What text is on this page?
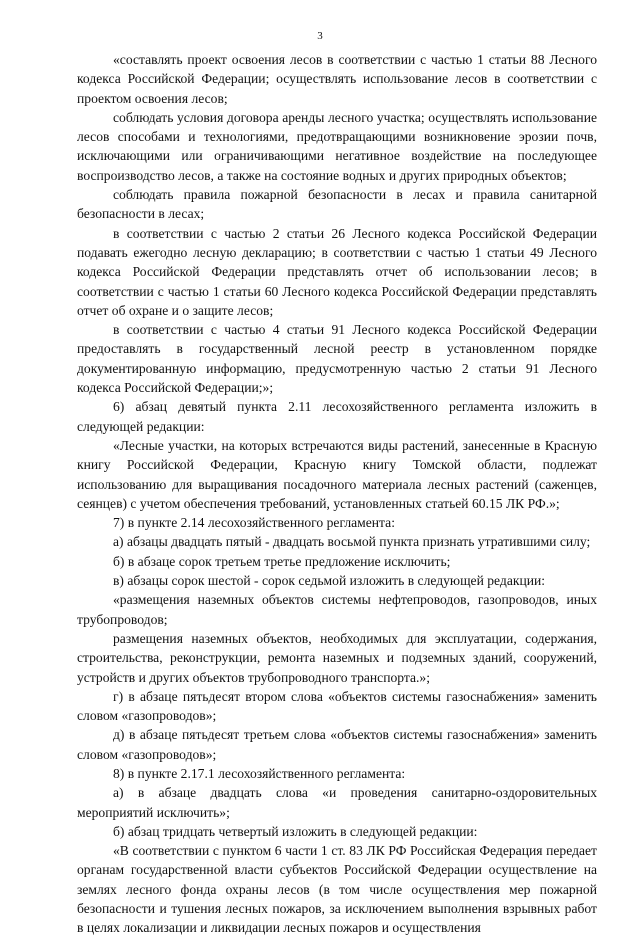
3

«составлять проект освоения лесов в соответствии с частью 1 статьи 88 Лесного кодекса Российской Федерации; осуществлять использование лесов в соответствии с проектом освоения лесов;

соблюдать условия договора аренды лесного участка; осуществлять использование лесов способами и технологиями, предотвращающими возникновение эрозии почв, исключающими или ограничивающими негативное воздействие на последующее воспроизводство лесов, а также на состояние водных и других природных объектов;

соблюдать правила пожарной безопасности в лесах и правила санитарной безопасности в лесах;

в соответствии с частью 2 статьи 26 Лесного кодекса Российской Федерации подавать ежегодно лесную декларацию; в соответствии с частью 1 статьи 49 Лесного кодекса Российской Федерации представлять отчет об использовании лесов; в соответствии с частью 1 статьи 60 Лесного кодекса Российской Федерации представлять отчет об охране и о защите лесов;

в соответствии с частью 4 статьи 91 Лесного кодекса Российской Федерации предоставлять в государственный лесной реестр в установленном порядке документированную информацию, предусмотренную частью 2 статьи 91 Лесного кодекса Российской Федерации;»;

6) абзац девятый пункта 2.11 лесохозяйственного регламента изложить в следующей редакции:

«Лесные участки, на которых встречаются виды растений, занесенные в Красную книгу Российской Федерации, Красную книгу Томской области, подлежат использованию для выращивания посадочного материала лесных растений (саженцев, сеянцев) с учетом обеспечения требований, установленных статьей 60.15 ЛК РФ.»;

7) в пункте 2.14 лесохозяйственного регламента:

а) абзацы двадцать пятый - двадцать восьмой пункта признать утратившими силу;

б) в абзаце сорок третьем третье предложение исключить;

в) абзацы сорок шестой - сорок седьмой изложить в следующей редакции:

«размещения наземных объектов системы нефтепроводов, газопроводов, иных трубопроводов;

размещения наземных объектов, необходимых для эксплуатации, содержания, строительства, реконструкции, ремонта наземных и подземных зданий, сооружений, устройств и других объектов трубопроводного транспорта.»;

г) в абзаце пятьдесят втором слова «объектов системы газоснабжения» заменить словом «газопроводов»;

д) в абзаце пятьдесят третьем слова «объектов системы газоснабжения» заменить словом «газопроводов»;

8) в пункте 2.17.1 лесохозяйственного регламента:

а) в абзаце двадцать слова «и проведения санитарно-оздоровительных мероприятий исключить»;

б) абзац тридцать четвертый изложить в следующей редакции:

«В соответствии с пунктом 6 части 1 ст. 83 ЛК РФ Российская Федерация передает органам государственной власти субъектов Российской Федерации осуществление на землях лесного фонда охраны лесов (в том числе осуществления мер пожарной безопасности и тушения лесных пожаров, за исключением выполнения взрывных работ в целях локализации и ликвидации лесных пожаров и осуществления
